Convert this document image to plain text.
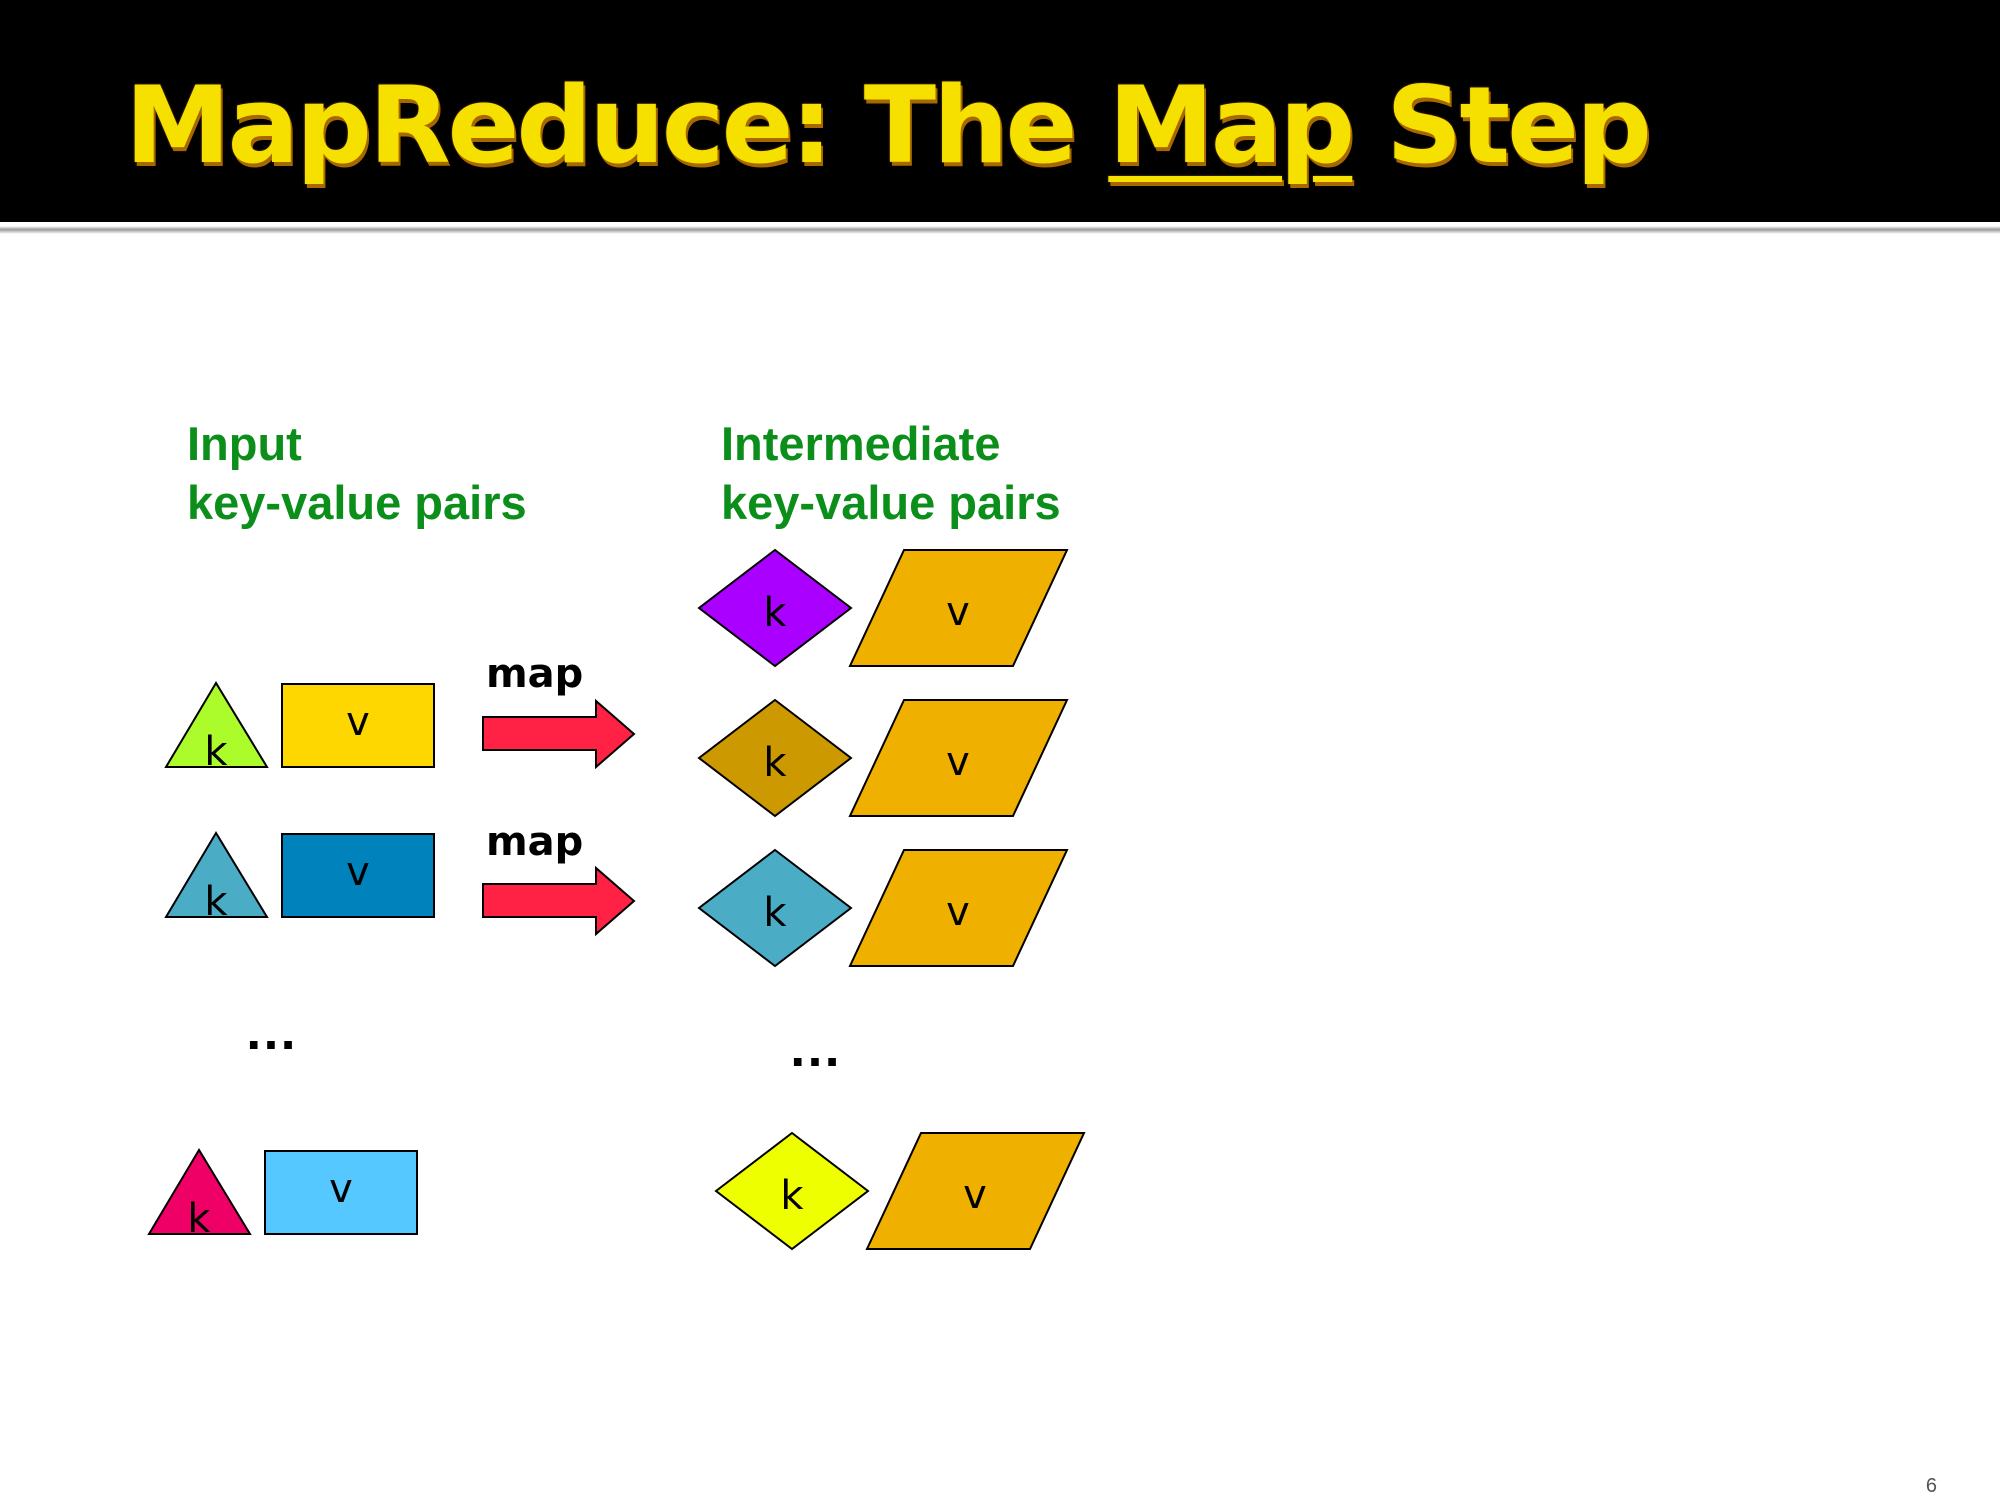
MapReduce: The Map Step
Input
key-value pairs
Intermediate
key-value pairs
map
map
…	…
k
v
k
v
k
v
k	v
k	v
k	v
k	v
6
